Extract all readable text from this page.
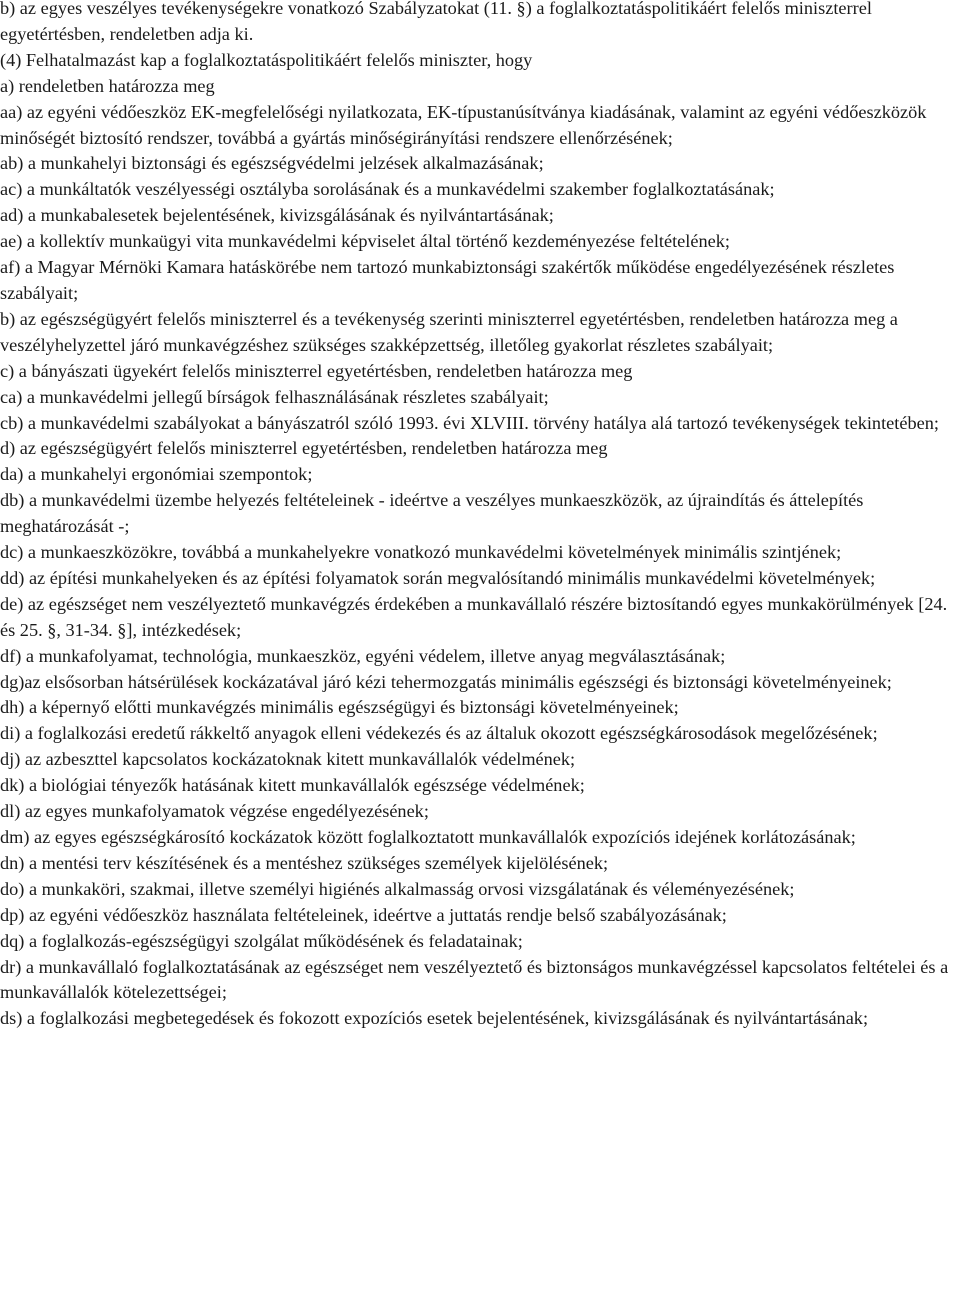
b) az egyes veszélyes tevékenységekre vonatkozó Szabályzatokat (11. §) a foglalkoztatáspolitikáért felelős miniszterrel egyetértésben, rendeletben adja ki.

(4) Felhatalmazást kap a foglalkoztatáspolitikáért felelős miniszter, hogy

a) rendeletben határozza meg

aa) az egyéni védőeszköz EK-megfelelőségi nyilatkozata, EK-típustanúsítványa kiadásának, valamint az egyéni védőeszközök minőségét biztosító rendszer, továbbá a gyártás minőségirányítási rendszere ellenőrzésének;

ab) a munkahelyi biztonsági és egészségvédelmi jelzések alkalmazásának;

ac) a munkáltatók veszélyességi osztályba sorolásának és a munkavédelmi szakember foglalkoztatásának;

ad) a munkabalesetek bejelentésének, kivizsgálásának és nyilvántartásának;

ae) a kollektív munkaügyi vita munkavédelmi képviselet által történő kezdeményezése feltételének;

af) a Magyar Mérnöki Kamara hatáskörébe nem tartozó munkabiztonsági szakértők működése engedélyezésének részletes szabályait;

b) az egészségügyért felelős miniszterrel és a tevékenység szerinti miniszterrel egyetértésben, rendeletben határozza meg a veszélyhelyzettel járó munkavégzéshez szükséges szakképzettség, illetőleg gyakorlat részletes szabályait;

c) a bányászati ügyekért felelős miniszterrel egyetértésben, rendeletben határozza meg

ca) a munkavédelmi jellegű bírságok felhasználásának részletes szabályait;

cb) a munkavédelmi szabályokat a bányászatról szóló 1993. évi XLVIII. törvény hatálya alá tartozó tevékenységek tekintetében;

d) az egészségügyért felelős miniszterrel egyetértésben, rendeletben határozza meg

da) a munkahelyi ergonómiai szempontok;

db) a munkavédelmi üzembe helyezés feltételeinek - ideértve a veszélyes munkaeszközök, az újraindítás és áttelepítés meghatározását -;

dc) a munkaeszközökre, továbbá a munkahelyekre vonatkozó munkavédelmi követelmények minimális szintjének;

dd) az építési munkahelyeken és az építési folyamatok során megvalósítandó minimális munkavédelmi követelmények;

de) az egészséget nem veszélyeztető munkavégzés érdekében a munkavállaló részére biztosítandó egyes munkakörülmények [24. és 25. §, 31-34. §], intézkedések;

df) a munkafolyamat, technológia, munkaeszköz, egyéni védelem, illetve anyag megválasztásának;

dg)az elsősorban hátsérülések kockázatával járó kézi tehermozgatás minimális egészségi és biztonsági követelményeinek;

dh) a képernyő előtti munkavégzés minimális egészségügyi és biztonsági követelményeinek;

di) a foglalkozási eredetű rákkeltő anyagok elleni védekezés és az általuk okozott egészségkárosodások megelőzésének;

dj) az azbeszttel kapcsolatos kockázatoknak kitett munkavállalók védelmének;

dk) a biológiai tényezők hatásának kitett munkavállalók egészsége védelmének;

dl) az egyes munkafolyamatok végzése engedélyezésének;

dm) az egyes egészségkárosító kockázatok között foglalkoztatott munkavállalók expozíciós idejének korlátozásának;

dn) a mentési terv készítésének és a mentéshez szükséges személyek kijelölésének;

do) a munkaköri, szakmai, illetve személyi higiénés alkalmasság orvosi vizsgálatának és véleményezésének;

dp) az egyéni védőeszköz használata feltételeinek, ideértve a juttatás rendje belső szabályozásának;

dq) a foglalkozás-egészségügyi szolgálat működésének és feladatainak;

dr) a munkavállaló foglalkoztatásának az egészséget nem veszélyeztető és biztonságos munkavégzéssel kapcsolatos feltételei és a munkavállalók kötelezettségei;

ds) a foglalkozási megbetegedések és fokozott expozíciós esetek bejelentésének, kivizsgálásának és nyilvántartásának;
